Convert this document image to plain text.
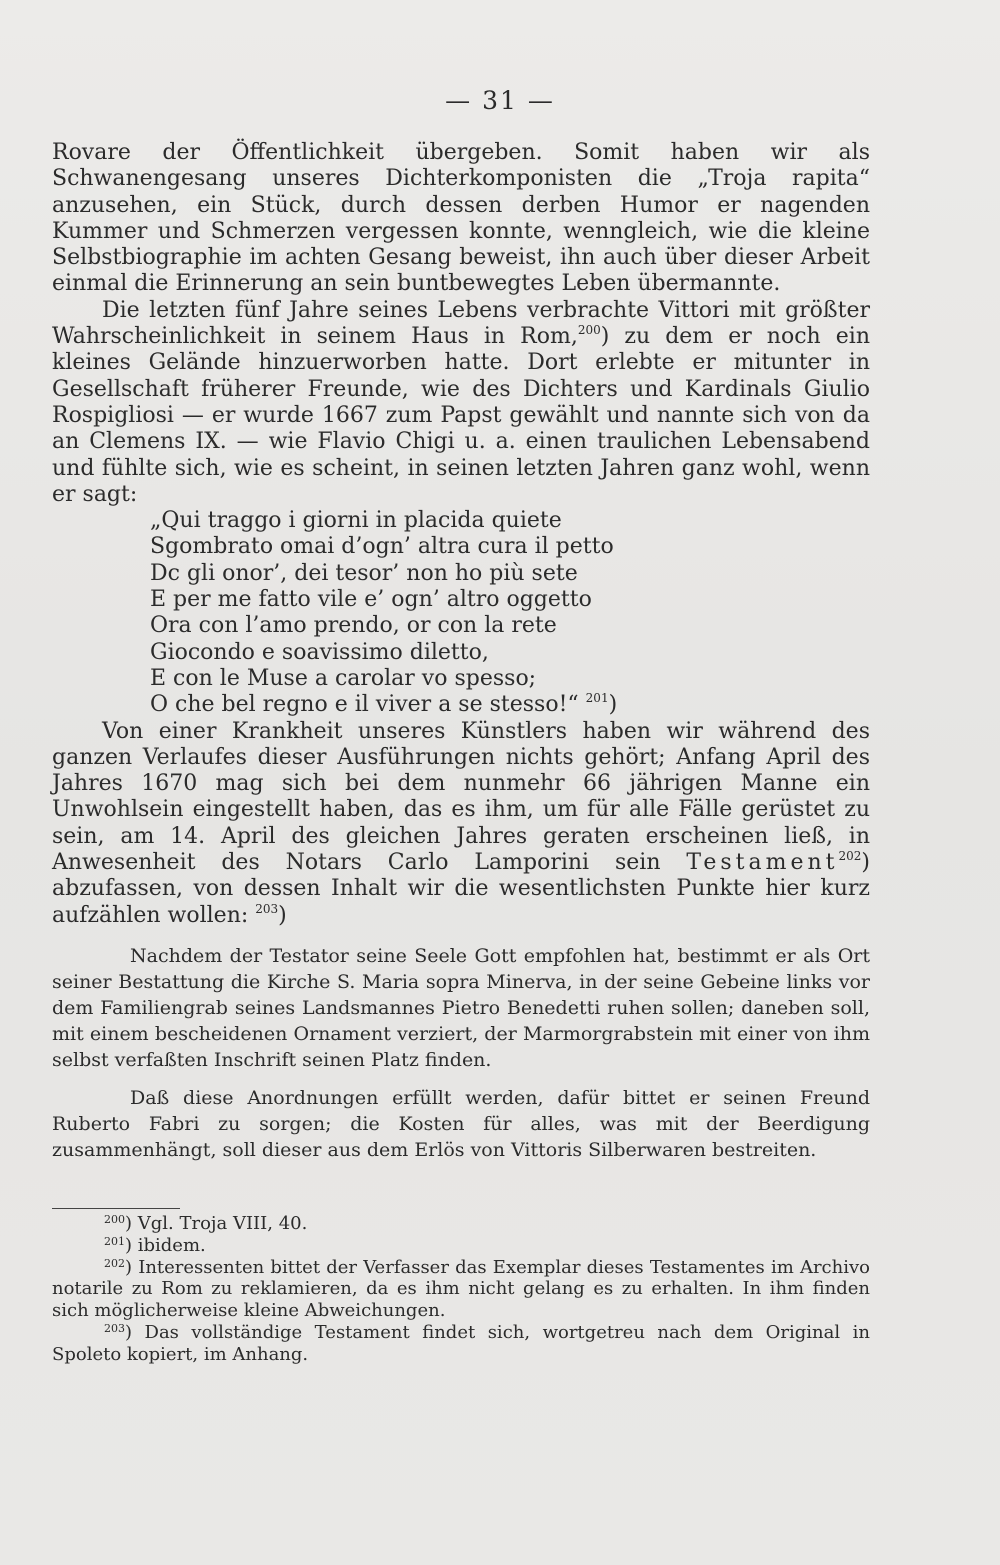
— 31 —

Rovare der Öffentlichkeit übergeben. Somit haben wir als Schwanengesang unseres Dichterkomponisten die „Troja rapita“ anzusehen, ein Stück, durch dessen derben Humor er nagenden Kummer und Schmerzen vergessen konnte, wenngleich, wie die kleine Selbstbiographie im achten Gesang beweist, ihn auch über dieser Arbeit einmal die Erinnerung an sein buntbewegtes Leben übermannte.

Die letzten fünf Jahre seines Lebens verbrachte Vittori mit größter Wahrscheinlichkeit in seinem Haus in Rom,$^{200}$) zu dem er noch ein kleines Gelände hinzuerworben hatte. Dort erlebte er mitunter in Gesellschaft früherer Freunde, wie des Dichters und Kardinals Giulio Rospigliosi — er wurde 1667 zum Papst gewählt und nannte sich von da an Clemens IX. — wie Flavio Chigi u. a. einen traulichen Lebensabend und fühlte sich, wie es scheint, in seinen letzten Jahren ganz wohl, wenn er sagt:

„Qui traggo i giorni in placida quiete
Sgombrato omai d’ogn’ altra cura il petto
Dc gli onor’, dei tesor’ non ho più sete
E per me fatto vile e’ ogn’ altro oggetto
Ora con l’amo prendo, or con la rete
Giocondo e soavissimo diletto,
E con le Muse a carolar vo spesso;
O che bel regno e il viver a se stesso!“ $^{201}$)

Von einer Krankheit unseres Künstlers haben wir während des ganzen Verlaufes dieser Ausführungen nichts gehört; Anfang April des Jahres 1670 mag sich bei dem nunmehr 66 jährigen Manne ein Unwohlsein eingestellt haben, das es ihm, um für alle Fälle gerüstet zu sein, am 14. April des gleichen Jahres geraten erscheinen ließ, in Anwesenheit des Notars Carlo Lamporini sein Testament$^{202}$) abzufassen, von dessen Inhalt wir die wesentlichsten Punkte hier kurz aufzählen wollen: $^{203}$)

Nachdem der Testator seine Seele Gott empfohlen hat, bestimmt er als Ort seiner Bestattung die Kirche S. Maria sopra Minerva, in der seine Gebeine links vor dem Familiengrab seines Landsmannes Pietro Benedetti ruhen sollen; daneben soll, mit einem bescheidenen Ornament verziert, der Marmorgrabstein mit einer von ihm selbst verfaßten Inschrift seinen Platz finden.

Daß diese Anordnungen erfüllt werden, dafür bittet er seinen Freund Ruberto Fabri zu sorgen; die Kosten für alles, was mit der Beerdigung zusammenhängt, soll dieser aus dem Erlös von Vittoris Silberwaren bestreiten.

$^{200}$) Vgl. Troja VIII, 40.

$^{201}$) ibidem.

$^{202}$) Interessenten bittet der Verfasser das Exemplar dieses Testamentes im Archivo notarile zu Rom zu reklamieren, da es ihm nicht gelang es zu erhalten. In ihm finden sich möglicherweise kleine Abweichungen.

$^{203}$) Das vollständige Testament findet sich, wortgetreu nach dem Original in Spoleto kopiert, im Anhang.
